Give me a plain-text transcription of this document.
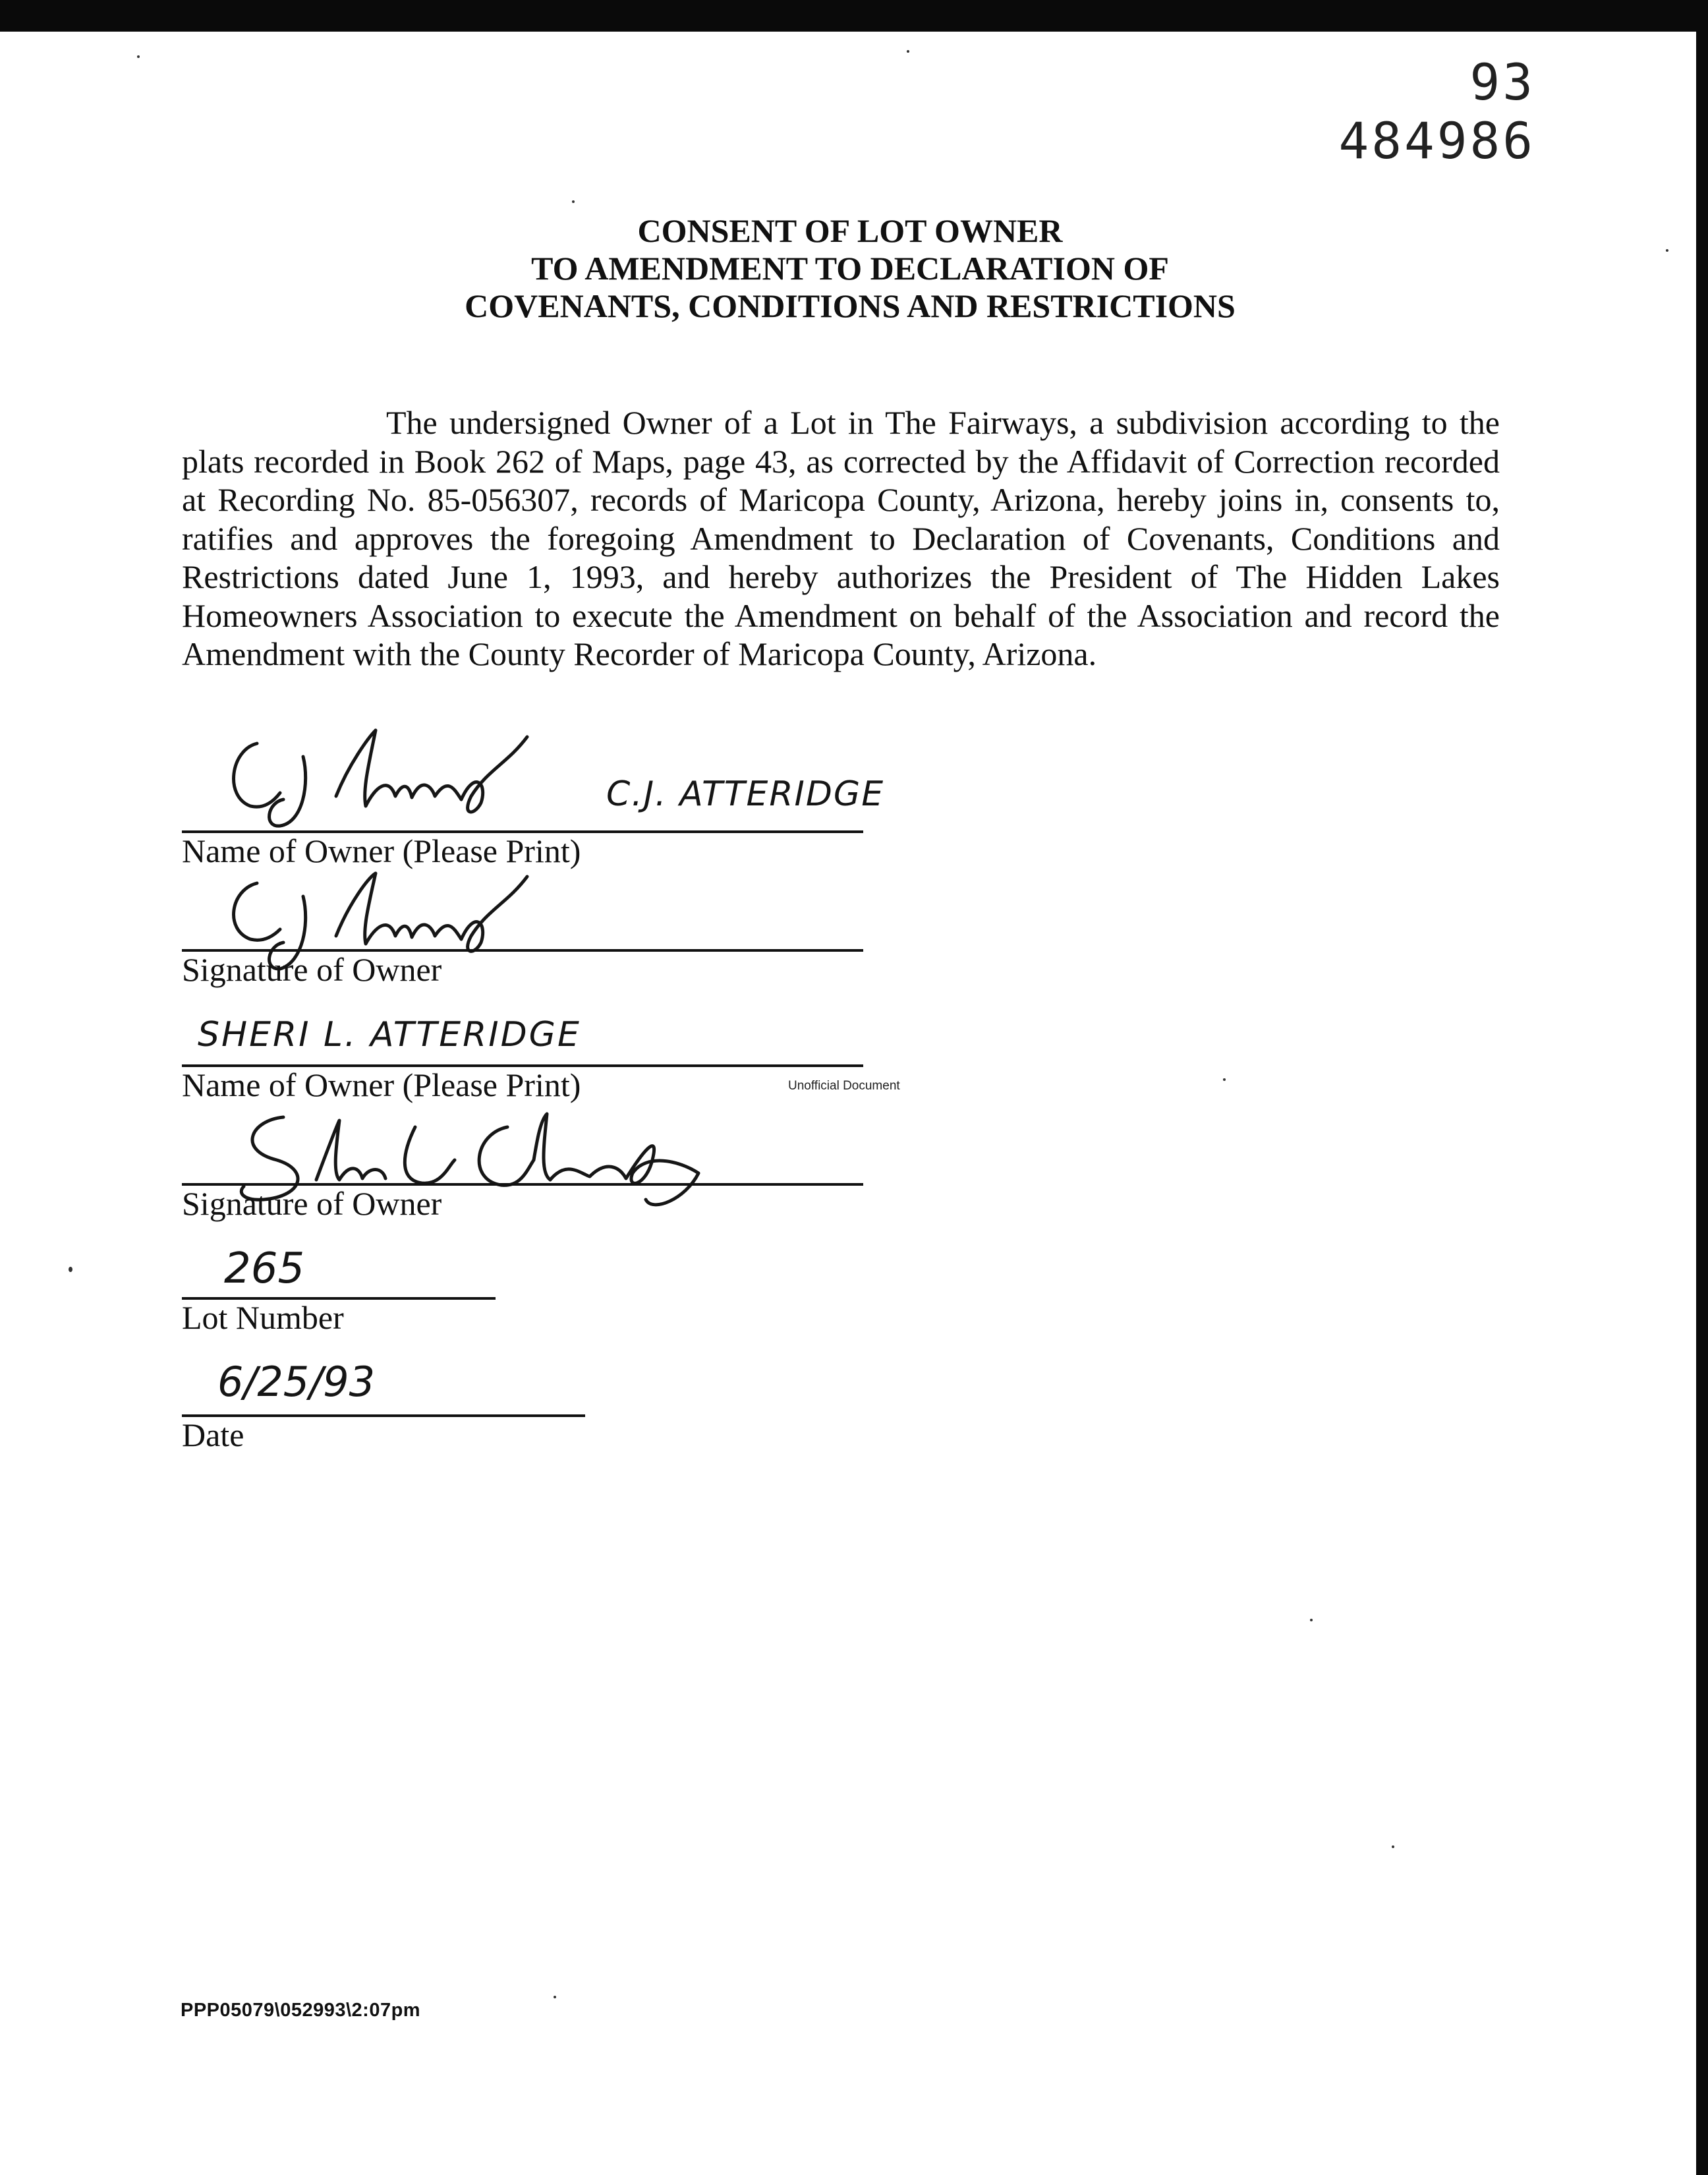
93 484986
CONSENT OF LOT OWNER
TO AMENDMENT TO DECLARATION OF
COVENANTS, CONDITIONS AND RESTRICTIONS
The undersigned Owner of a Lot in The Fairways, a subdivision according to the plats recorded in Book 262 of Maps, page 43, as corrected by the Affidavit of Correction recorded at Recording No. 85-056307, records of Maricopa County, Arizona, hereby joins in, consents to, ratifies and approves the foregoing Amendment to Declaration of Covenants, Conditions and Restrictions dated June 1, 1993, and hereby authorizes the President of The Hidden Lakes Homeowners Association to execute the Amendment on behalf of the Association and record the Amendment with the County Recorder of Maricopa County, Arizona.
C.J. ATTERIDGE
Name of Owner (Please Print)
Signature of Owner
SHERI L. ATTERIDGE
Name of Owner (Please Print)	Unofficial Document
Signature of Owner
265
Lot Number
6/25/93
Date
PPP05079\052993\2:07pm
